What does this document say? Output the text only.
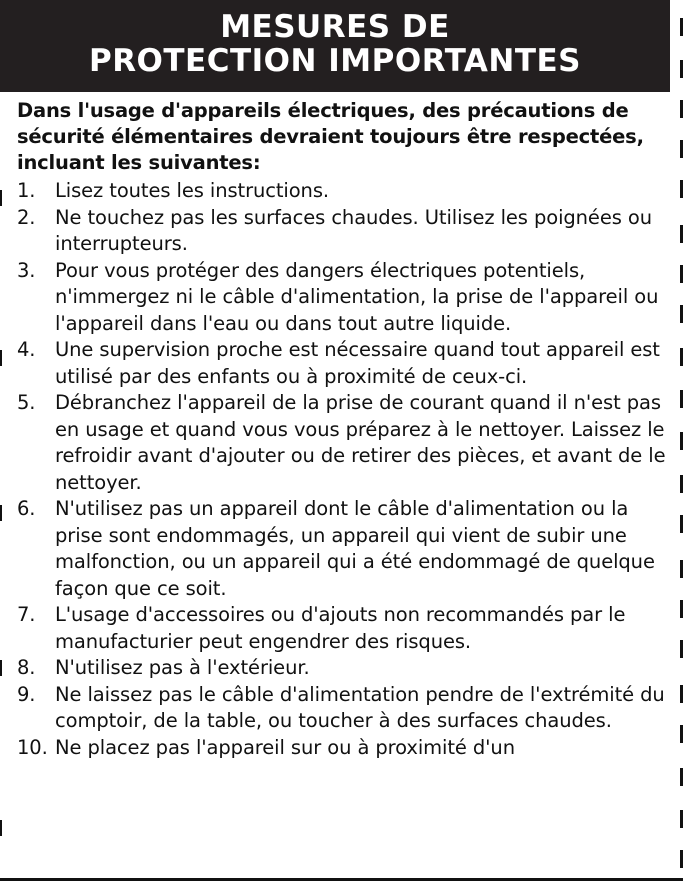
MESURES DE
PROTECTION IMPORTANTES

Dans l'usage d'appareils électriques, des précautions de sécurité élémentaires devraient toujours être respectées, incluant les suivantes:

1.	Lisez toutes les instructions.
2.	Ne touchez pas les surfaces chaudes. Utilisez les poignées ou interrupteurs.
3.	Pour vous protéger des dangers électriques potentiels, n'immergez ni le câble d'alimentation, la prise de l'appareil ou l'appareil dans l'eau ou dans tout autre liquide.
4.	Une supervision proche est nécessaire quand tout appareil est utilisé par des enfants ou à proximité de ceux-ci.
5.	Débranchez l'appareil de la prise de courant quand il n'est pas en usage et quand vous vous préparez à le nettoyer. Laissez le refroidir avant d'ajouter ou de retirer des pièces, et avant de le nettoyer.
6.	N'utilisez pas un appareil dont le câble d'alimentation ou la prise sont endommagés, un appareil qui vient de subir une malfonction, ou un appareil qui a été endommagé de quelque façon que ce soit.
7.	L'usage d'accessoires ou d'ajouts non recommandés par le manufacturier peut engendrer des risques.
8.	N'utilisez pas à l'extérieur.
9.	Ne laissez pas le câble d'alimentation pendre de l'extrémité du comptoir, de la table, ou toucher à des surfaces chaudes.
10. Ne placez pas l'appareil sur ou à proximité d'un
